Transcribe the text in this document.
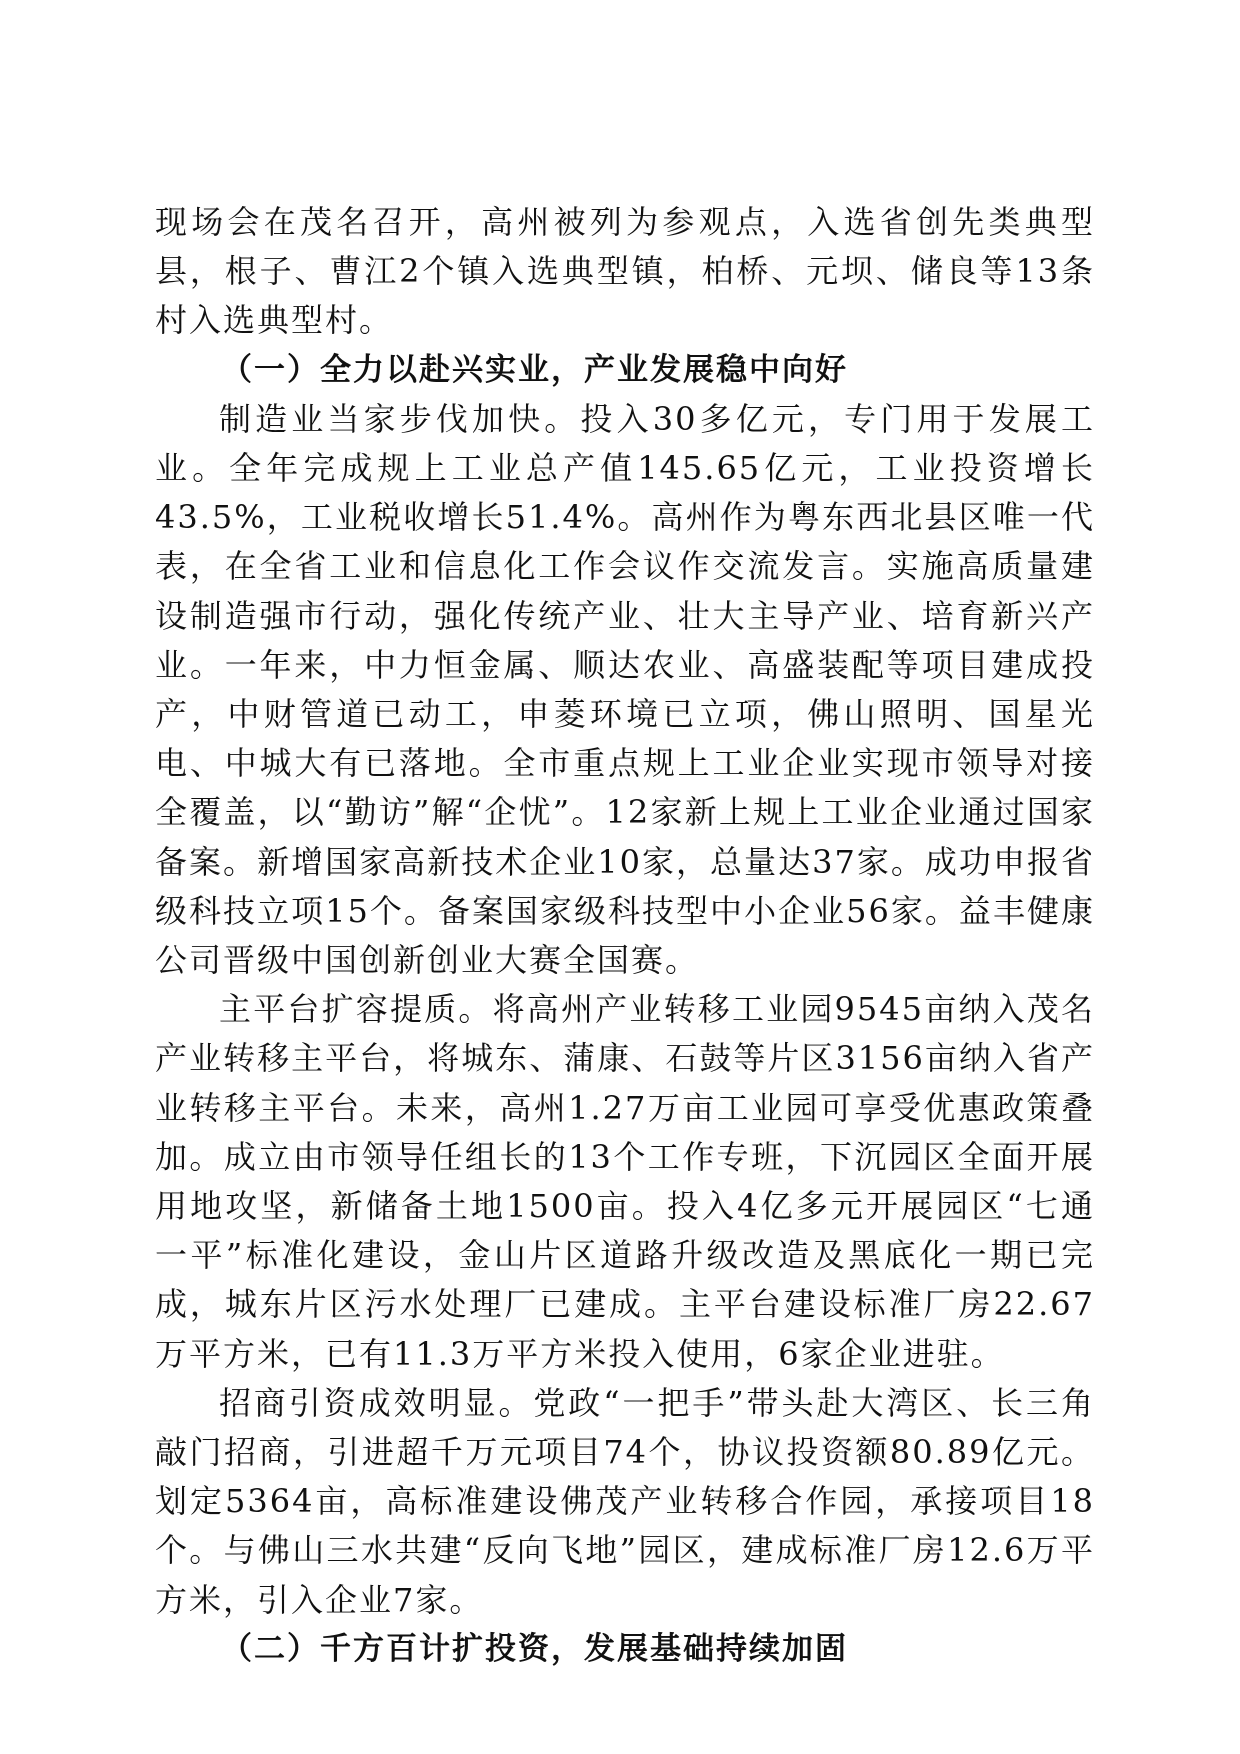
现场会在茂名召开，高州被列为参观点，入选省创先类典型县，根子、曹江2个镇入选典型镇，柏桥、元坝、储良等13条村入选典型村。

（一）全力以赴兴实业，产业发展稳中向好

制造业当家步伐加快。投入30多亿元，专门用于发展工业。全年完成规上工业总产值145.65亿元，工业投资增长43.5%，工业税收增长51.4%。高州作为粤东西北县区唯一代表，在全省工业和信息化工作会议作交流发言。实施高质量建设制造强市行动，强化传统产业、壮大主导产业、培育新兴产业。一年来，中力恒金属、顺达农业、高盛装配等项目建成投产，中财管道已动工，申菱环境已立项，佛山照明、国星光电、中城大有已落地。全市重点规上工业企业实现市领导对接全覆盖，以“勤访”解“企忧”。12家新上规上工业企业通过国家备案。新增国家高新技术企业10家，总量达37家。成功申报省级科技立项15个。备案国家级科技型中小企业56家。益丰健康公司晋级中国创新创业大赛全国赛。

主平台扩容提质。将高州产业转移工业园9545亩纳入茂名产业转移主平台，将城东、蒲康、石鼓等片区3156亩纳入省产业转移主平台。未来，高州1.27万亩工业园可享受优惠政策叠加。成立由市领导任组长的13个工作专班，下沉园区全面开展用地攻坚，新储备土地1500亩。投入4亿多元开展园区“七通一平”标准化建设，金山片区道路升级改造及黑底化一期已完成，城东片区污水处理厂已建成。主平台建设标准厂房22.67万平方米，已有11.3万平方米投入使用，6家企业进驻。

招商引资成效明显。党政“一把手”带头赴大湾区、长三角敲门招商，引进超千万元项目74个，协议投资额80.89亿元。划定5364亩，高标准建设佛茂产业转移合作园，承接项目18个。与佛山三水共建“反向飞地”园区，建成标准厂房12.6万平方米，引入企业7家。

（二）千方百计扩投资，发展基础持续加固
